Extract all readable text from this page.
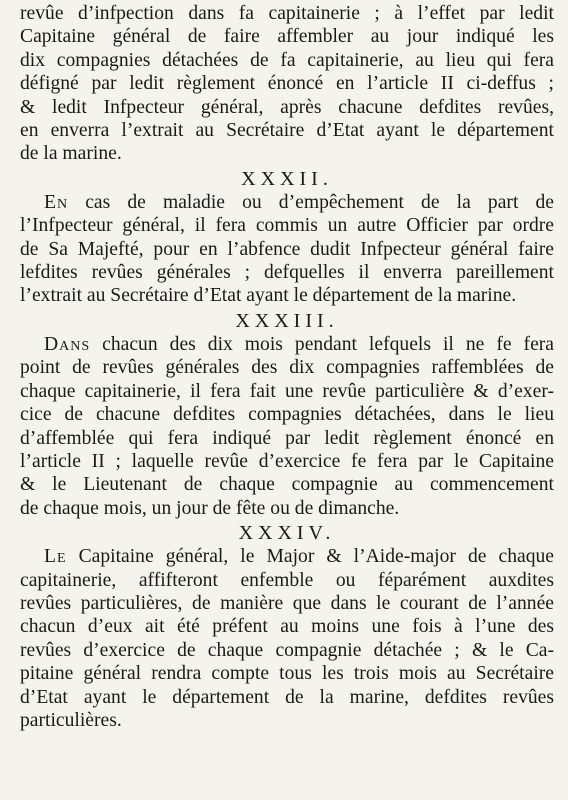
revûe d’infpection dans fa capitainerie ; à l’effet par ledit
Capitaine général de faire affembler au jour indiqué les
dix compagnies détachées de fa capitainerie, au lieu qui fera
défigné par ledit règlement énoncé en l’article II ci-deffus ;
& ledit Infpecteur général, après chacune defdites revûes,
en enverra l’extrait au Secrétaire d’Etat ayant le département
de la marine.
XXXII.
En cas de maladie ou d’empêchement de la part de
l’Infpecteur général, il fera commis un autre Officier par ordre
de Sa Majefté, pour en l’abfence dudit Infpecteur général faire
lefdites revûes générales ; defquelles il enverra pareillement
l’extrait au Secrétaire d’Etat ayant le département de la marine.
XXXIII.
Dans chacun des dix mois pendant lefquels il ne fe fera
point de revûes générales des dix compagnies raffemblées de
chaque capitainerie, il fera fait une revûe particulière & d’exer-
cice de chacune defdites compagnies détachées, dans le lieu
d’affemblée qui fera indiqué par ledit règlement énoncé en
l’article II ; laquelle revûe d’exercice fe fera par le Capitaine
& le Lieutenant de chaque compagnie au commencement
de chaque mois, un jour de fête ou de dimanche.
XXXIV.
Le Capitaine général, le Major & l’Aide-major de chaque
capitainerie, affifteront enfemble ou féparément auxdites
revûes particulières, de manière que dans le courant de l’année
chacun d’eux ait été préfent au moins une fois à l’une des
revûes d’exercice de chaque compagnie détachée ; & le Ca-
pitaine général rendra compte tous les trois mois au Secrétaire
d’Etat ayant le département de la marine, defdites revûes
particulières.
